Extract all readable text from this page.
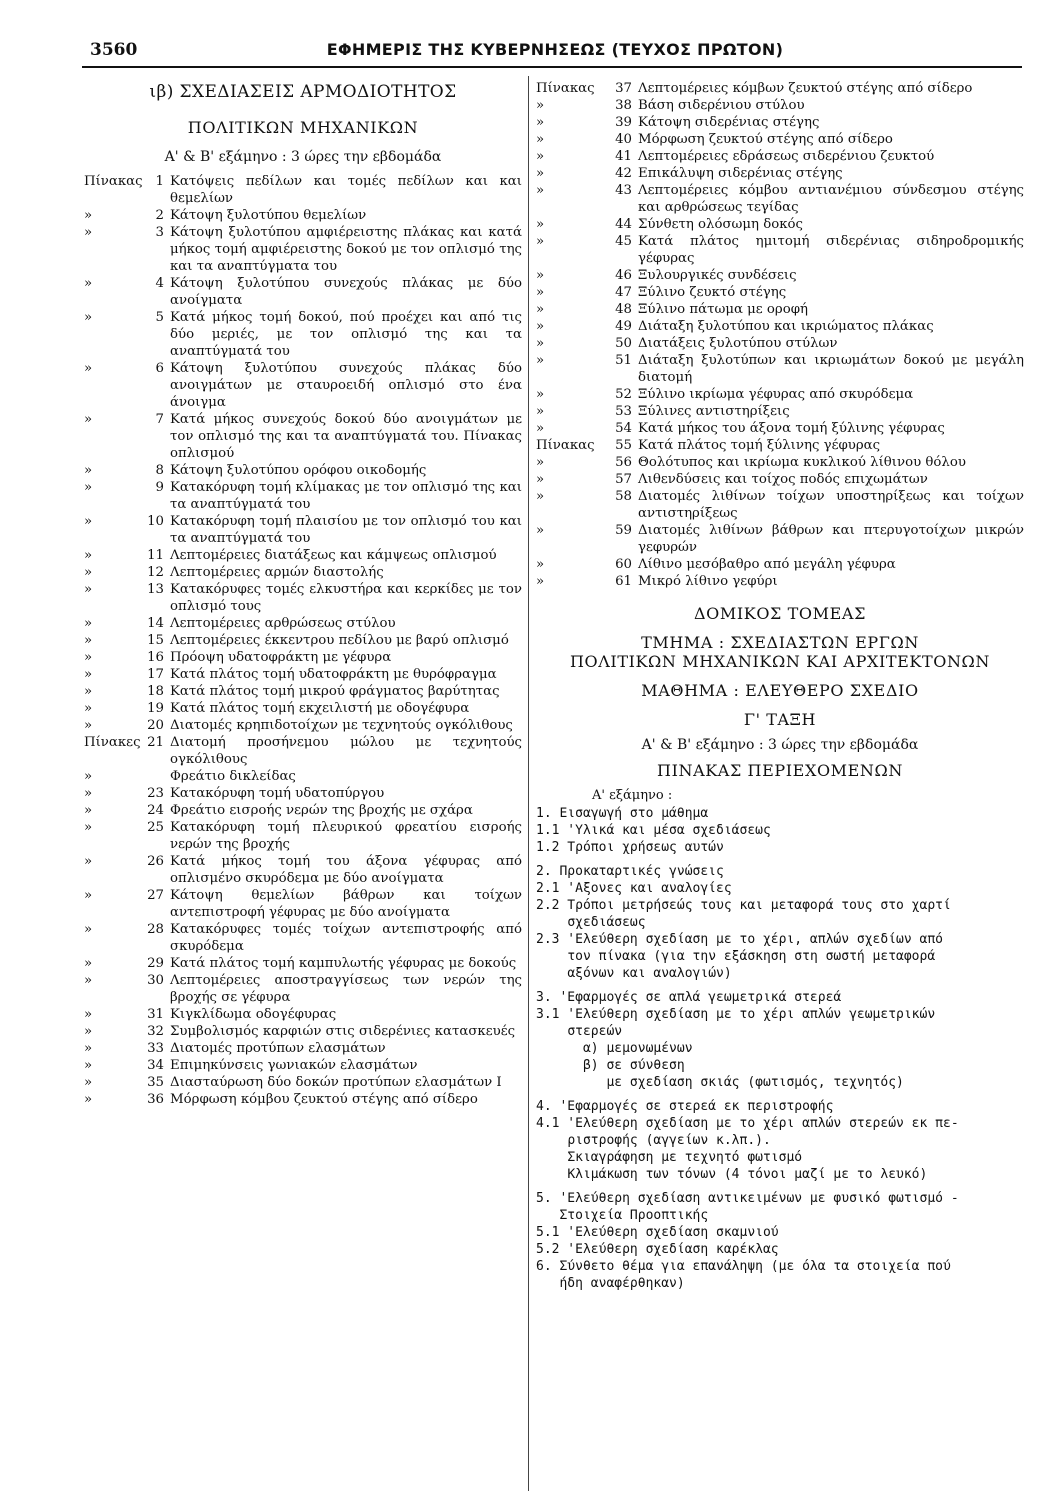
3560	ΕΦΗΜΕΡΙΣ ΤΗΣ ΚΥΒΕΡΝΗΣΕΩΣ (ΤΕΥΧΟΣ ΠΡΩΤΟΝ)

ιβ) ΣΧΕΔΙΑΣΕΙΣ ΑΡΜΟΔΙΟΤΗΤΟΣ

ΠΟΛΙΤΙΚΩΝ ΜΗΧΑΝΙΚΩΝ

Α' & Β' εξάμηνο : 3 ώρες την εβδομάδα

Πίνακας 1 Κατόψεις πεδίλων και τομές πεδίλων και και θεμελίων
»	2 Κάτοψη ξυλοτύπου θεμελίων
»	3 Κάτοψη ξυλοτύπου αμφιέρειστης πλάκας και κατά μήκος τομή αμφιέρειστης δοκού με τον οπλισμό της και τα αναπτύγματα του
»	4 Κάτοψη ξυλοτύπου συνεχούς πλάκας με δύο ανοίγματα
»	5 Κατά μήκος τομή δοκού, πού προέχει και από τις δύο μεριές, με τον οπλισμό της και τα αναπτύγματά του
»	6 Κάτοψη ξυλοτύπου συνεχούς πλάκας δύο ανοιγμάτων με σταυροειδή οπλισμό στο ένα άνοιγμα
»	7 Κατά μήκος συνεχούς δοκού δύο ανοιγμάτων με τον οπλισμό της και τα αναπτύγματά του. Πίνακας οπλισμού
»	8 Κάτοψη ξυλοτύπου ορόφου οικοδομής
»	9 Κατακόρυφη τομή κλίμακας με τον οπλισμό της και τα αναπτύγματά του
»	10 Κατακόρυφη τομή πλαισίου με τον οπλισμό του και τα αναπτύγματά του
»	11 Λεπτομέρειες διατάξεως και κάμψεως οπλισμού
»	12 Λεπτομέρειες αρμών διαστολής
»	13 Κατακόρυφες τομές ελκυστήρα και κερκίδες με τον οπλισμό τους
»	14 Λεπτομέρειες αρθρώσεως στύλου
»	15 Λεπτομέρειες έκκεντρου πεδίλου με βαρύ οπλισμό
»	16 Πρόοψη υδατοφράκτη με γέφυρα
»	17 Κατά πλάτος τομή υδατοφράκτη με θυρόφραγμα
»	18 Κατά πλάτος τομή μικρού φράγματος βαρύτητας
»	19 Κατά πλάτος τομή εκχειλιστή με οδογέφυρα
»	20 Διατομές κρηπιδοτοίχων με τεχνητούς ογκόλιθους
Πίνακες 21 Διατομή προσήνεμου μώλου με τεχνητούς ογκόλιθους
»	Φρεάτιο δικλείδας
»	23 Κατακόρυφη τομή υδατοπύργου
»	24 Φρεάτιο εισροής νερών της βροχής με σχάρα
»	25 Κατακόρυφη τομή πλευρικού φρεατίου εισροής νερών της βροχής
»	26 Κατά μήκος τομή του άξονα γέφυρας από οπλισμένο σκυρόδεμα με δύο ανοίγματα
»	27 Κάτοψη θεμελίων βάθρων και τοίχων αντεπιστροφή γέφυρας με δύο ανοίγματα
»	28 Κατακόρυφες τομές τοίχων αντεπιστροφής από σκυρόδεμα
»	29 Κατά πλάτος τομή καμπυλωτής γέφυρας με δοκούς
»	30 Λεπτομέρειες αποστραγγίσεως των νερών της βροχής σε γέφυρα
»	31 Κιγκλίδωμα οδογέφυρας
»	32 Συμβολισμός καρφιών στις σιδερένιες κατασκευές
»	33 Διατομές προτύπων ελασμάτων
»	34 Επιμηκύνσεις γωνιακών ελασμάτων
»	35 Διασταύρωση δύο δοκών προτύπων ελασμάτων Ι
»	36 Μόρφωση κόμβου ζευκτού στέγης από σίδερο
Πίνακας	37 Λεπτομέρειες κόμβων ζευκτού στέγης από σίδερο
»	38 Βάση σιδερένιου στύλου
»	39 Κάτοψη σιδερένιας στέγης
»	40 Μόρφωση ζευκτού στέγης από σίδερο
»	41 Λεπτομέρειες εδράσεως σιδερένιου ζευκτού
»	42 Επικάλυψη σιδερένιας στέγης
»	43 Λεπτομέρειες κόμβου αντιανέμιου σύνδεσμου στέγης και αρθρώσεως τεγίδας
»	44 Σύνθετη ολόσωμη δοκός
»	45 Κατά πλάτος ημιτομή σιδερένιας σιδηροδρομικής γέφυρας
»	46 Ξυλουργικές συνδέσεις
»	47 Ξύλινο ζευκτό στέγης
»	48 Ξύλινο πάτωμα με οροφή
»	49 Διάταξη ξυλοτύπου και ικριώματος πλάκας
»	50 Διατάξεις ξυλοτύπου στύλων
»	51 Διάταξη ξυλοτύπων και ικριωμάτων δοκού με μεγάλη διατομή
»	52 Ξύλινο ικρίωμα γέφυρας από σκυρόδεμα
»	53 Ξύλινες αντιστηρίξεις
»	54 Κατά μήκος του άξονα τομή ξύλινης γέφυρας
Πίνακας	55 Κατά πλάτος τομή ξύλινης γέφυρας
»	56 Θολότυπος και ικρίωμα κυκλικού λίθινου θόλου
»	57 Λιθενδύσεις και τοίχος ποδός επιχωμάτων
»	58 Διατομές λιθίνων τοίχων υποστηρίξεως και τοίχων αντιστηρίξεως
»	59 Διατομές λιθίνων βάθρων και πτερυγοτοίχων μικρών γεφυρών
»	60 Λίθινο μεσόβαθρο από μεγάλη γέφυρα
»	61 Μικρό λίθινο γεφύρι

ΔΟΜΙΚΟΣ ΤΟΜΕΑΣ

ΤΜΗΜΑ : ΣΧΕΔΙΑΣΤΩΝ ΕΡΓΩΝ

ΠΟΛΙΤΙΚΩΝ ΜΗΧΑΝΙΚΩΝ ΚΑΙ ΑΡΧΙΤΕΚΤΟΝΩΝ

ΜΑΘΗΜΑ : ΕΛΕΥΘΕΡΟ ΣΧΕΔΙΟ

Γ' ΤΑΞΗ

Α' & Β' εξάμηνο : 3 ώρες την εβδομάδα

ΠΙΝΑΚΑΣ ΠΕΡΙΕΧΟΜΕΝΩΝ

Α' εξάμηνο :

1. Εισαγωγή στο μάθημα
1.1 'Υλικά και μέσα σχεδιάσεως
1.2 Τρόποι χρήσεως αυτών
2. Προκαταρτικές γνώσεις
2.1 'Αξονες και αναλογίες
2.2 Τρόποι μετρήσεώς τους και μεταφορά τους στο χαρτί
σχεδιάσεως
2.3 'Ελεύθερη σχεδίαση με το χέρι, απλών σχεδίων από
τον πίνακα (για την εξάσκηση στη σωστή μεταφορά
αξόνων και αναλογιών)
3. 'Εφαρμογές σε απλά γεωμετρικά στερεά
3.1 'Ελεύθερη σχεδίαση με το χέρι απλών γεωμετρικών
στερεών
α) μεμονωμένων
β) σε σύνθεση
με σχεδίαση σκιάς (φωτισμός, τεχνητός)
4. 'Εφαρμογές σε στερεά εκ περιστροφής
4.1 'Ελεύθερη σχεδίαση με το χέρι απλών στερεών εκ πε-
ριστροφής (αγγείων κ.λπ.).
Σκιαγράφηση με τεχνητό φωτισμό
Κλιμάκωση των τόνων (4 τόνοι μαζί με το λευκό)
5. 'Ελεύθερη σχεδίαση αντικειμένων με φυσικό φωτισμό -
Στοιχεία Προοπτικής
5.1 'Ελεύθερη σχεδίαση σκαμνιού
5.2 'Ελεύθερη σχεδίαση καρέκλας
6. Σύνθετο θέμα για επανάληψη (με όλα τα στοιχεία πού
ήδη αναφέρθηκαν)
